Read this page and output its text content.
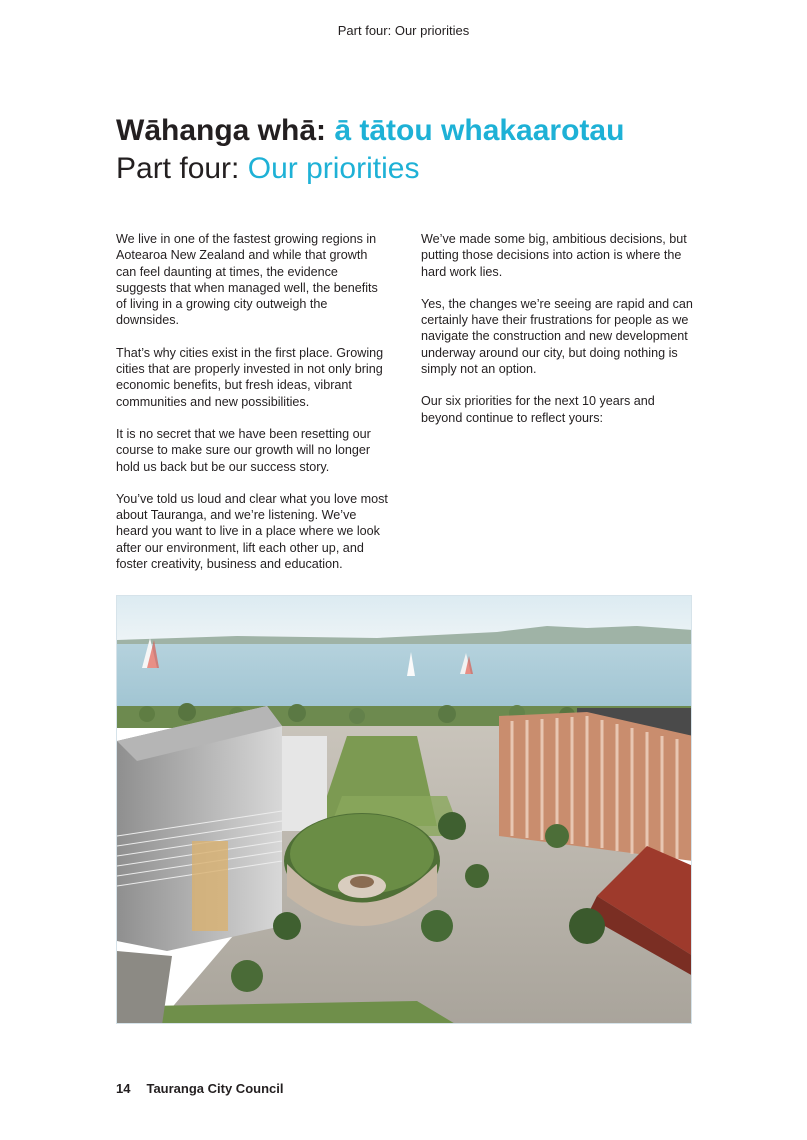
Part four: Our priorities
Wāhanga whā: ā tātou whakaarotau
Part four: Our priorities

We live in one of the fastest growing regions in Aotearoa New Zealand and while that growth can feel daunting at times, the evidence suggests that when managed well, the benefits of living in a growing city outweigh the downsides.

That’s why cities exist in the first place. Growing cities that are properly invested in not only bring economic benefits, but fresh ideas, vibrant communities and new possibilities.

It is no secret that we have been resetting our course to make sure our growth will no longer hold us back but be our success story.

You’ve told us loud and clear what you love most about Tauranga, and we’re listening. We’ve heard you want to live in a place where we look after our environment, lift each other up, and foster creativity, business and education.

We’ve made some big, ambitious decisions, but putting those decisions into action is where the hard work lies.

Yes, the changes we’re seeing are rapid and can certainly have their frustrations for people as we navigate the construction and new development underway around our city, but doing nothing is simply not an option.

Our six priorities for the next 10 years and beyond continue to reflect yours:

14 Tauranga City Council
